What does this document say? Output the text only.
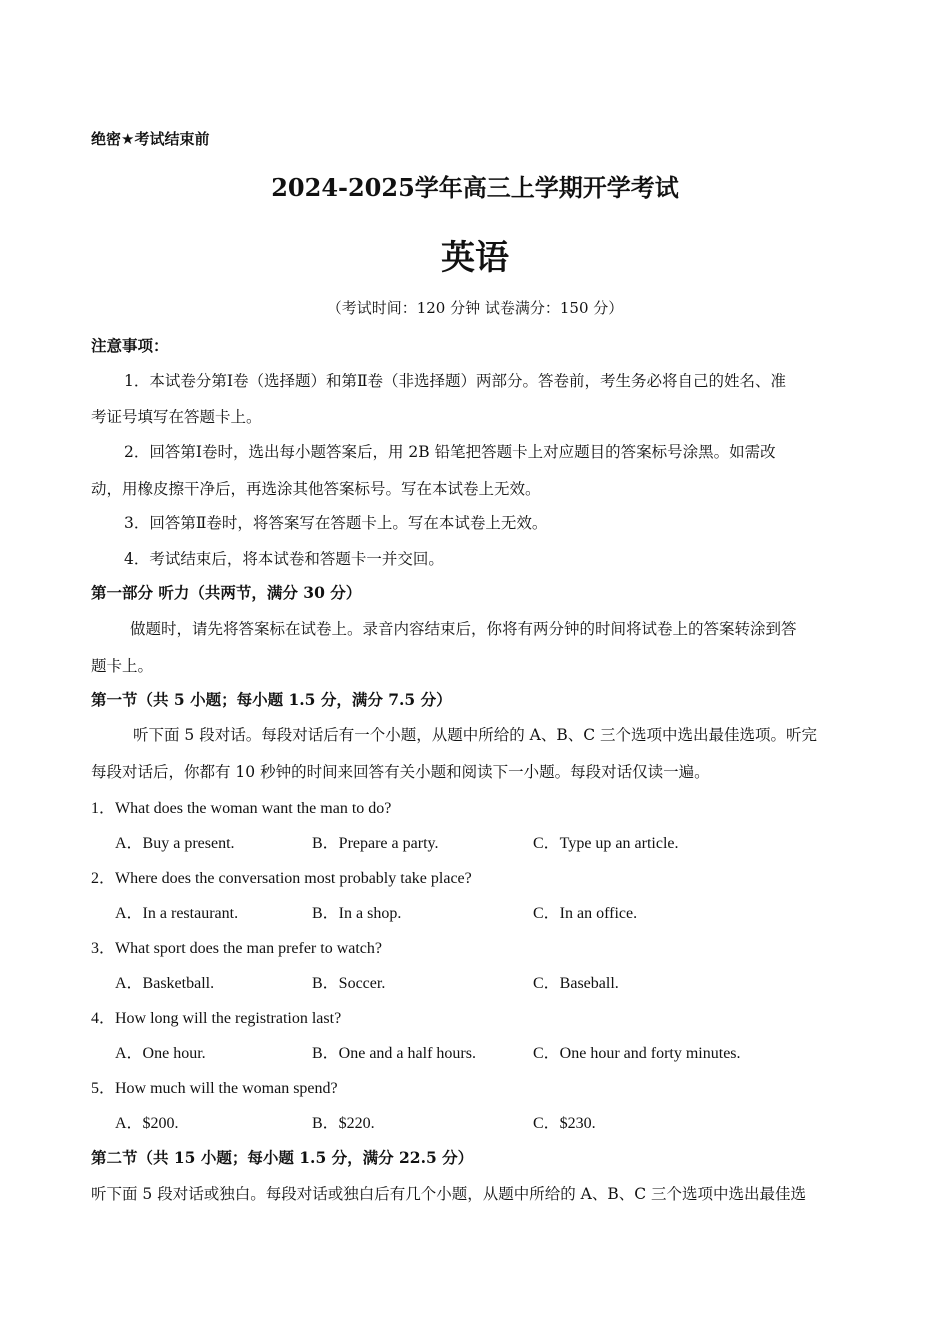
绝密★考试结束前
2024-2025学年高三上学期开学考试
英语
（考试时间：120 分钟 试卷满分：150 分）
注意事项：
1．本试卷分第Ⅰ卷（选择题）和第Ⅱ卷（非选择题）两部分。答卷前，考生务必将自己的姓名、准
考证号填写在答题卡上。
2．回答第Ⅰ卷时，选出每小题答案后，用 2B 铅笔把答题卡上对应题目的答案标号涂黑。如需改
动，用橡皮擦干净后，再选涂其他答案标号。写在本试卷上无效。
3．回答第Ⅱ卷时，将答案写在答题卡上。写在本试卷上无效。
4．考试结束后，将本试卷和答题卡一并交回。
第一部分 听力（共两节，满分 30 分）
做题时，请先将答案标在试卷上。录音内容结束后，你将有两分钟的时间将试卷上的答案转涂到答
题卡上。
第一节（共 5 小题；每小题 1.5 分，满分 7.5 分）
听下面 5 段对话。每段对话后有一个小题，从题中所给的 A、B、C 三个选项中选出最佳选项。听完
每段对话后，你都有 10 秒钟的时间来回答有关小题和阅读下一小题。每段对话仅读一遍。
1．What does the woman want the man to do?
A．Buy a present.	B．Prepare a party.	C．Type up an article.
2．Where does the conversation most probably take place?
A．In a restaurant.	B．In a shop.	C．In an office.
3．What sport does the man prefer to watch?
A．Basketball.	B．Soccer.	C．Baseball.
4．How long will the registration last?
A．One hour.	B．One and a half hours.	C．One hour and forty minutes.
5．How much will the woman spend?
A．$200.	B．$220.	C．$230.
第二节（共 15 小题；每小题 1.5 分，满分 22.5 分）
听下面 5 段对话或独白。每段对话或独白后有几个小题，从题中所给的 A、B、C 三个选项中选出最佳选
